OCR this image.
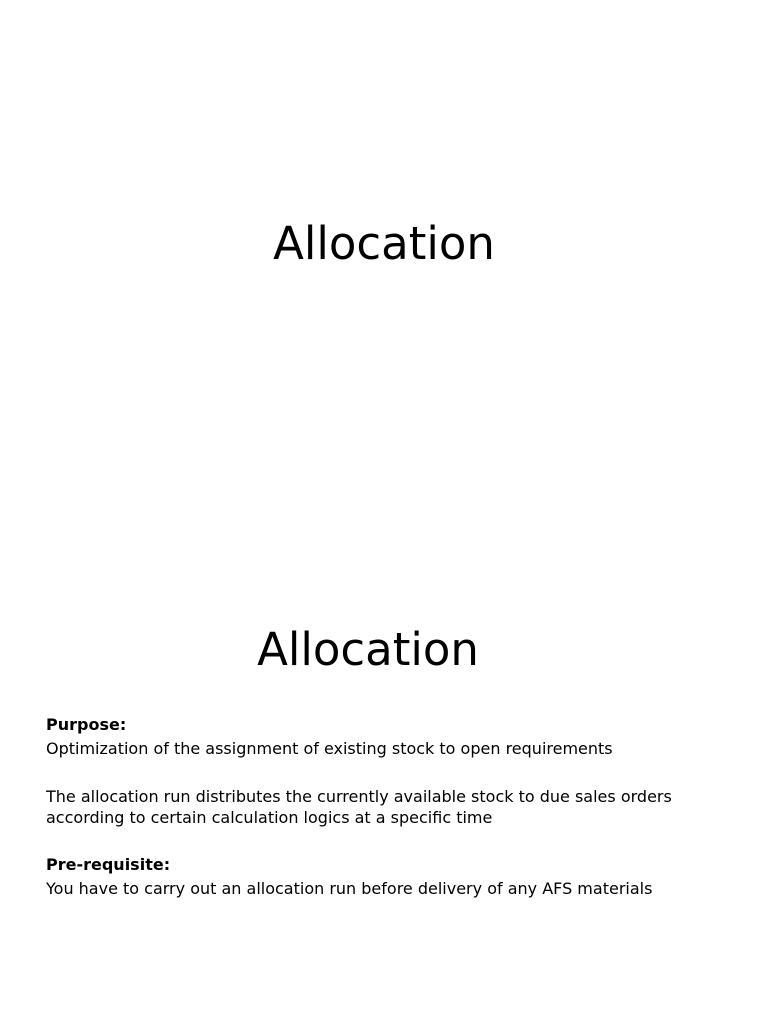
Allocation
Allocation
Purpose:
Optimization of the assignment of existing stock to open requirements
The allocation run distributes the currently available stock to due sales orders
according to certain calculation logics at a specific time
Pre-requisite:
You have to carry out an allocation run before delivery of any AFS materials
